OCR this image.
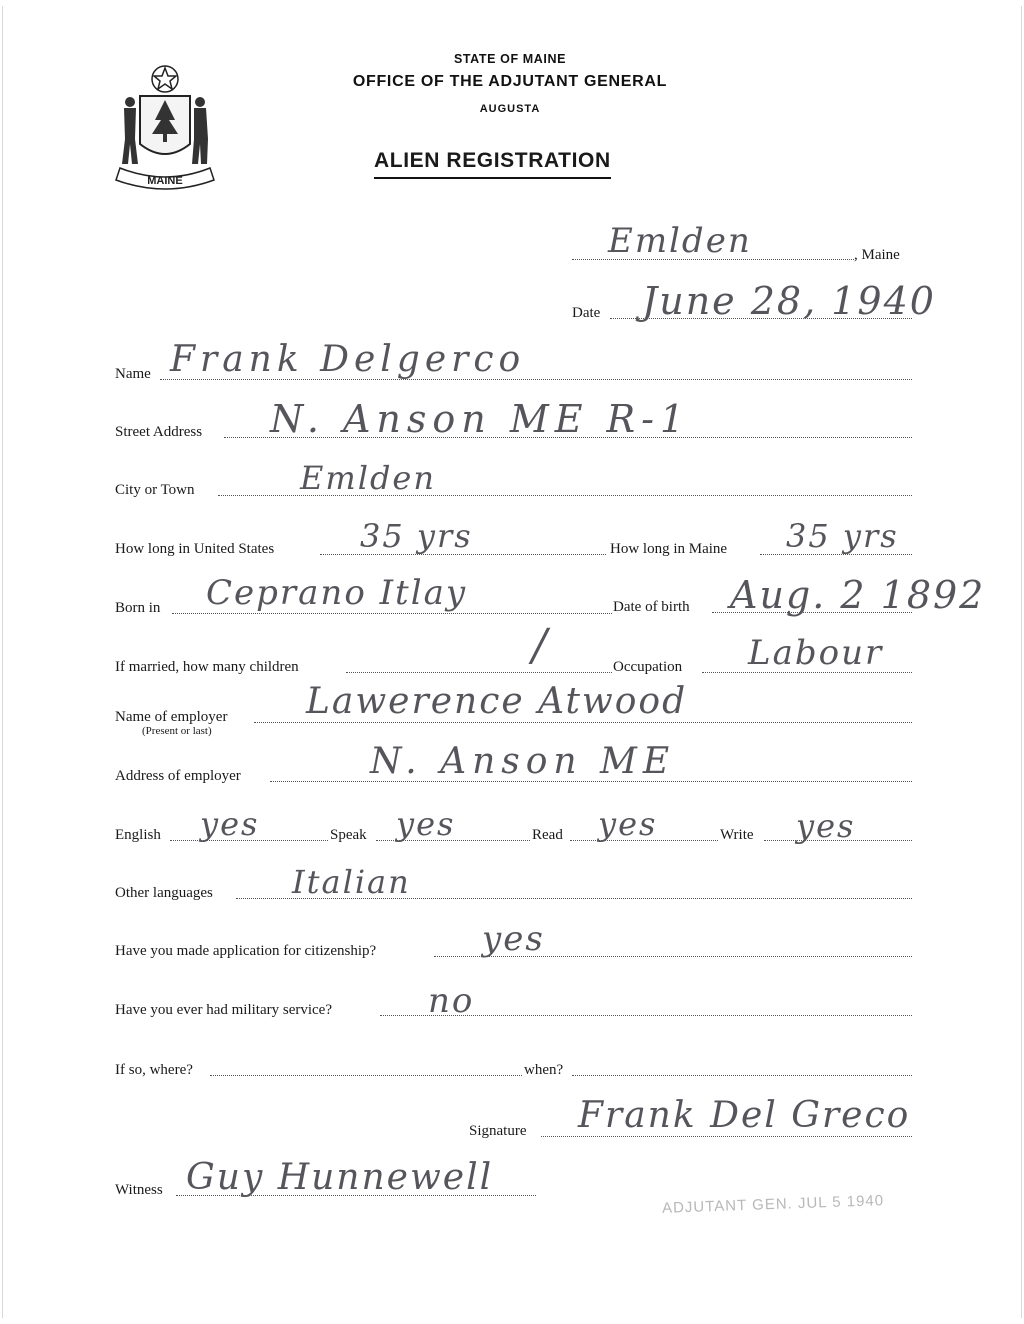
MAINE
STATE OF MAINE
OFFICE OF THE ADJUTANT GENERAL
AUGUSTA
ALIEN REGISTRATION
Emlden	, Maine
Date June 28, 1940
Name Frank Delgerco
Street Address N. Anson ME R-1
City or Town	Emlden
How long in United States	35 yrs	How long in Maine 35 yrs
Born in Ceprano Itlay	Date of birth Aug. 2 1892
If married, how many children	/	Occupation Labour
Name of employer
(Present or last)
Lawerence Atwood
Address of employer	N. Anson ME
English yes	Speak yes	Read yes	Write yes
Other languages Italian
Have you made application for citizenship?	yes
Have you ever had military service?	no
If so, where?	when?
Signature Frank Del Greco
Witness Guy Hunnewell
ADJUTANT GEN. JUL 5 1940
